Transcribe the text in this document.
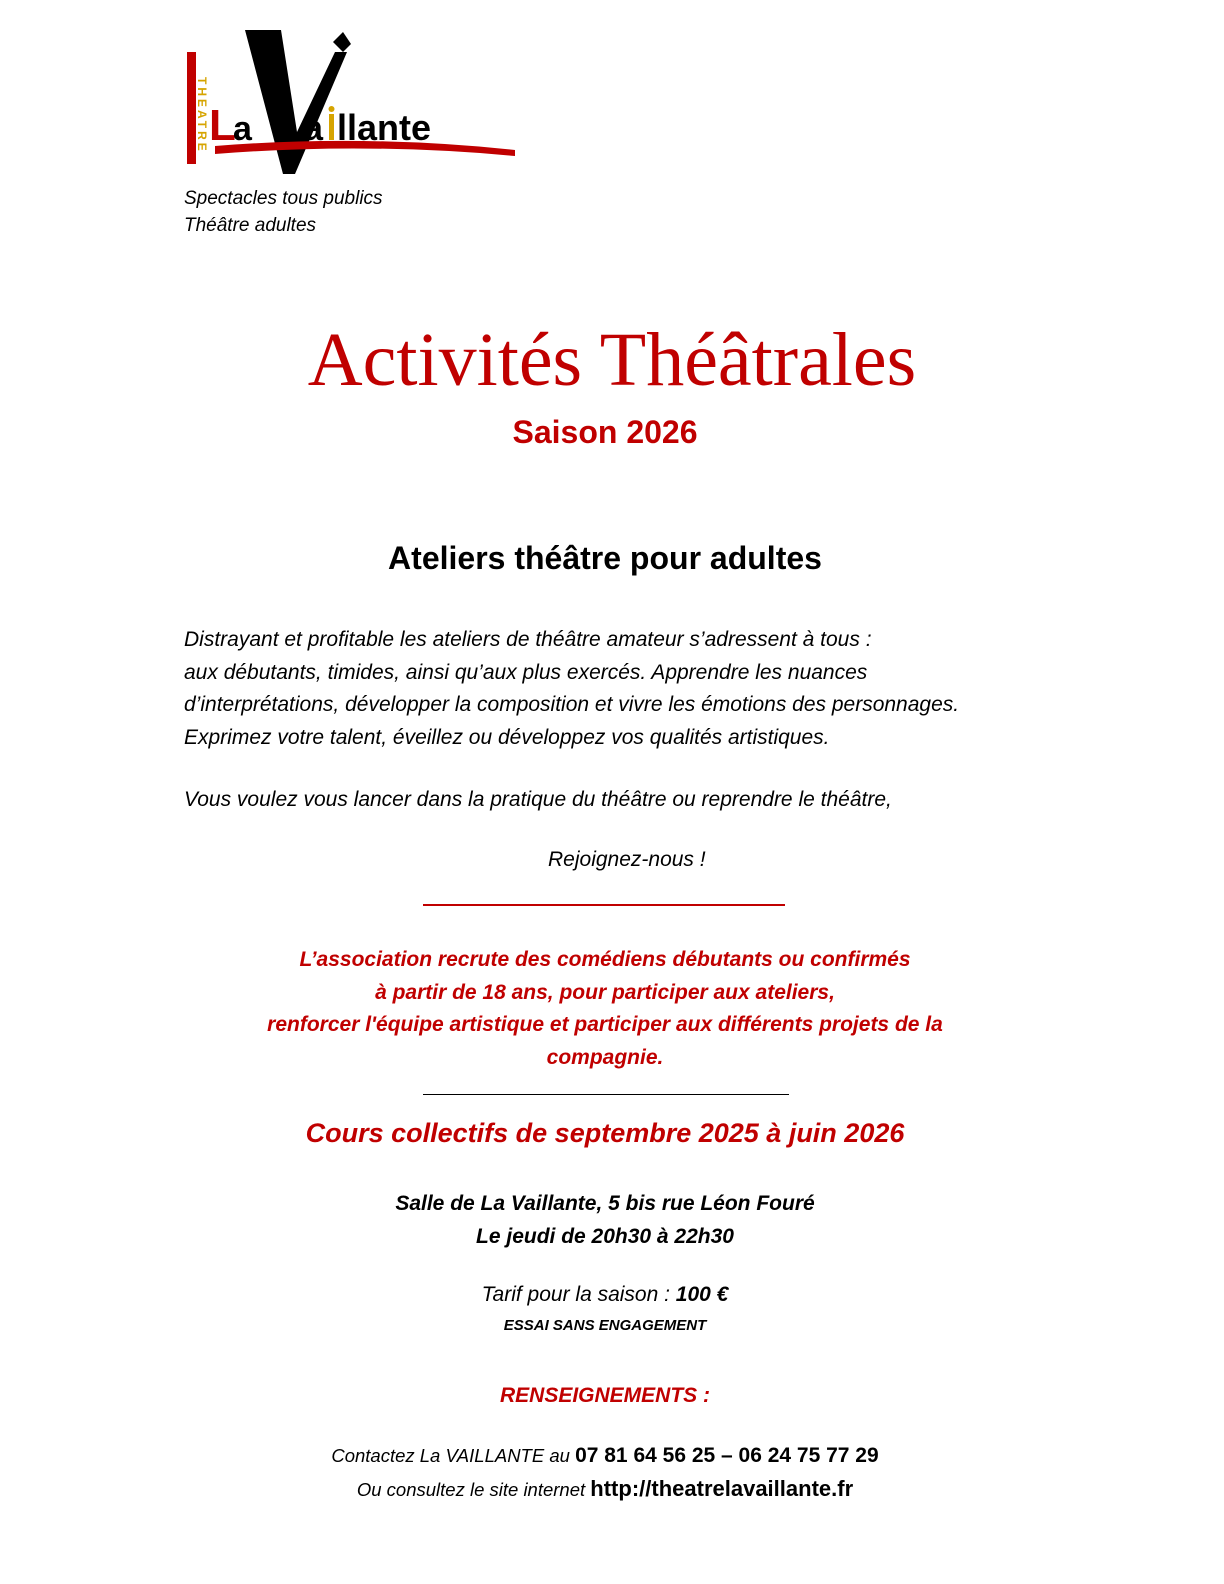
THEATRE L
a a llante
Spectacles tous publics
Théâtre adultes
Activités Théâtrales
Saison 2026
Ateliers théâtre pour adultes
Distrayant et profitable les ateliers de théâtre amateur s’adressent à tous :
aux débutants, timides, ainsi qu’aux plus exercés. Apprendre les nuances
d’interprétations, développer la composition et vivre les émotions des personnages.
Exprimez votre talent, éveillez ou développez vos qualités artistiques.
Vous voulez vous lancer dans la pratique du théâtre ou reprendre le théâtre,
Rejoignez-nous !
L’association recrute des comédiens débutants ou confirmés
à partir de 18 ans, pour participer aux ateliers,
renforcer l'équipe artistique et participer aux différents projets de la
compagnie.
Cours collectifs de septembre 2025 à juin 2026
Salle de La Vaillante, 5 bis rue Léon Fouré
Le jeudi de 20h30 à 22h30
Tarif pour la saison : 100 €
ESSAI SANS ENGAGEMENT
RENSEIGNEMENTS :
Contactez La VAILLANTE au 07 81 64 56 25 – 06 24 75 77 29
Ou consultez le site internet http://theatrelavaillante.fr
